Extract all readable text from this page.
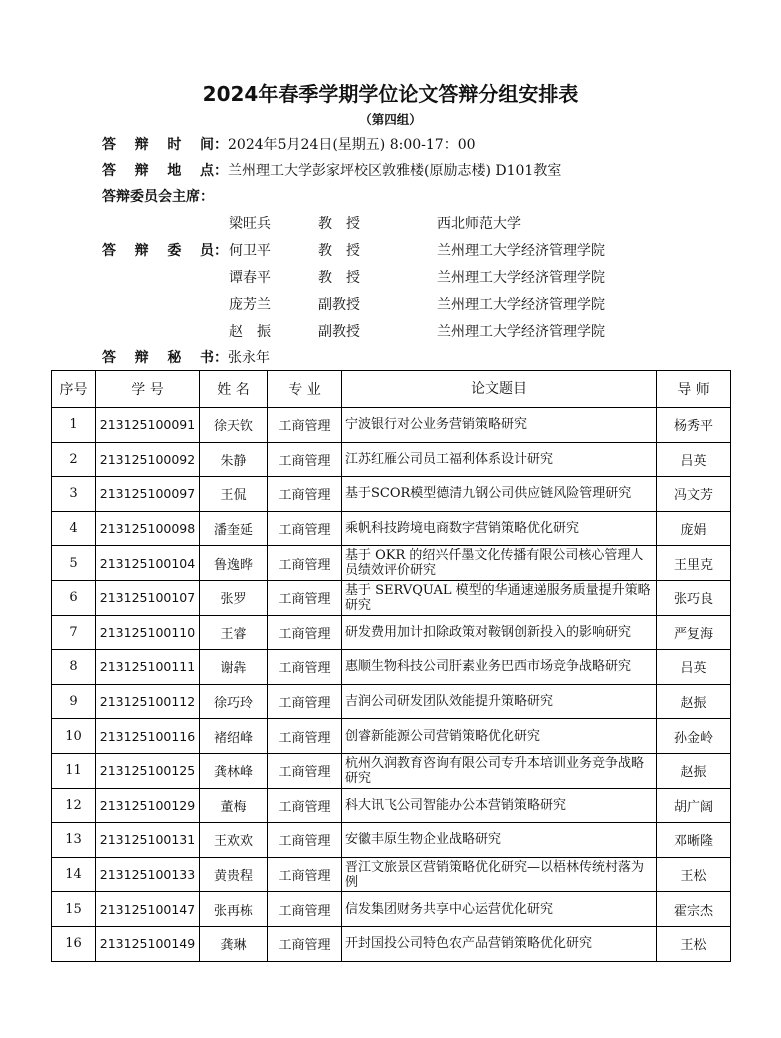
2024年春季学期学位论文答辩分组安排表
（第四组）
答 辩 时 间： 2024年5月24日(星期五) 8:00-17：00
答 辩 地 点： 兰州理工大学彭家坪校区敦雅楼(原励志楼) D101教室
答辩委员会主席：
梁旺兵	教　授	西北师范大学
答 辩 委 员： 何卫平	教　授	兰州理工大学经济管理学院
谭春平	教　授	兰州理工大学经济管理学院
庞芳兰	副教授	兰州理工大学经济管理学院
赵　振	副教授	兰州理工大学经济管理学院
答 辩 秘 书： 张永年
序号	学 号	姓 名	专 业	论文题目	导 师
1	213125100091	徐天钦	工商管理	宁波银行对公业务营销策略研究	杨秀平
2	213125100092	朱静	工商管理	江苏红雁公司员工福利体系设计研究	吕英
3	213125100097	王侃	工商管理	基于SCOR模型德清九钢公司供应链风险管理研究	冯文芳
4	213125100098	潘奎延	工商管理	乘帆科技跨境电商数字营销策略优化研究	庞娟
5	213125100104	鲁逸晔	工商管理	基于 OKR 的绍兴仟墨文化传播有限公司核心管理人员绩效评价研究	王里克
6	213125100107	张罗	工商管理	基于 SERVQUAL 模型的华通速递服务质量提升策略研究	张巧良
7	213125100110	王睿	工商管理	研发费用加计扣除政策对鞍钢创新投入的影响研究	严复海
8	213125100111	谢犇	工商管理	惠顺生物科技公司肝素业务巴西市场竞争战略研究	吕英
9	213125100112	徐巧玲	工商管理	吉润公司研发团队效能提升策略研究	赵振
10	213125100116	褚绍峰	工商管理	创睿新能源公司营销策略优化研究	孙金岭
11	213125100125	龚林峰	工商管理	杭州久润教育咨询有限公司专升本培训业务竞争战略研究	赵振
12	213125100129	董梅	工商管理	科大讯飞公司智能办公本营销策略研究	胡广阔
13	213125100131	王欢欢	工商管理	安徽丰原生物企业战略研究	邓晰隆
14	213125100133	黄贵程	工商管理	晋江文旅景区营销策略优化研究—以梧林传统村落为例	王松
15	213125100147	张再栋	工商管理	信发集团财务共享中心运营优化研究	霍宗杰
16	213125100149	龚琳	工商管理	开封国投公司特色农产品营销策略优化研究	王松
